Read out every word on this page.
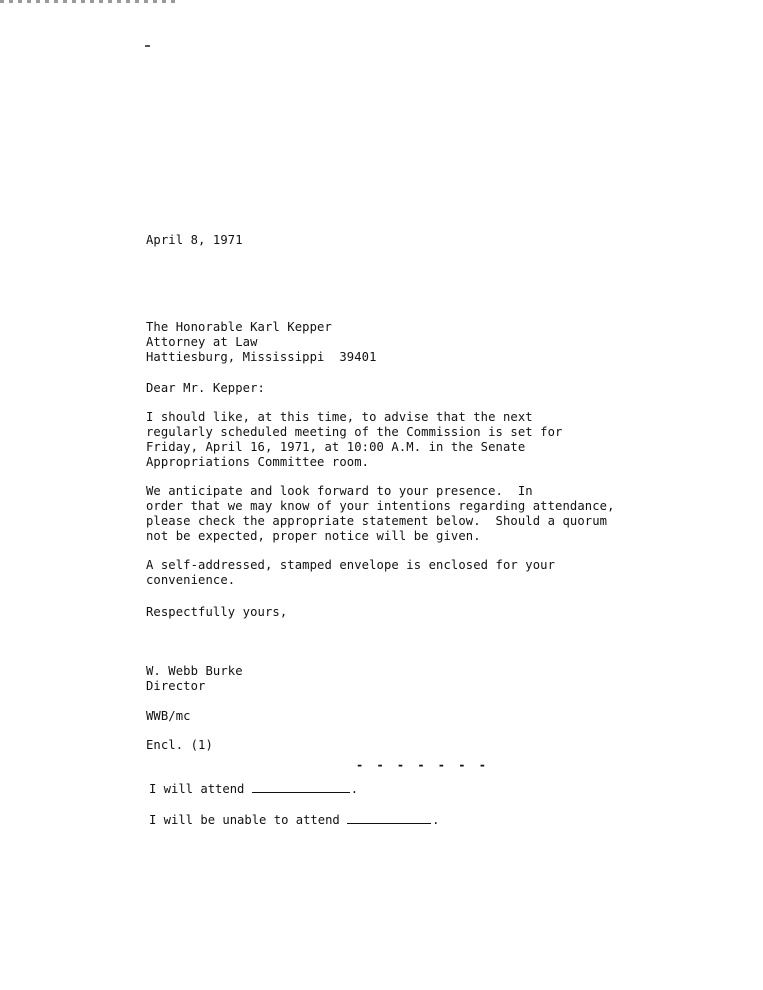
April 8, 1971
The Honorable Karl Kepper
Attorney at Law
Hattiesburg, Mississippi  39401
Dear Mr. Kepper:
I should like, at this time, to advise that the next
regularly scheduled meeting of the Commission is set for
Friday, April 16, 1971, at 10:00 A.M. in the Senate
Appropriations Committee room.
We anticipate and look forward to your presence.  In
order that we may know of your intentions regarding attendance,
please check the appropriate statement below.  Should a quorum
not be expected, proper notice will be given.
A self-addressed, stamped envelope is enclosed for your
convenience.
Respectfully yours,
W. Webb Burke
Director
WWB/mc
Encl. (1)
- - - - - - -
I will attend	.
I will be unable to attend	.
